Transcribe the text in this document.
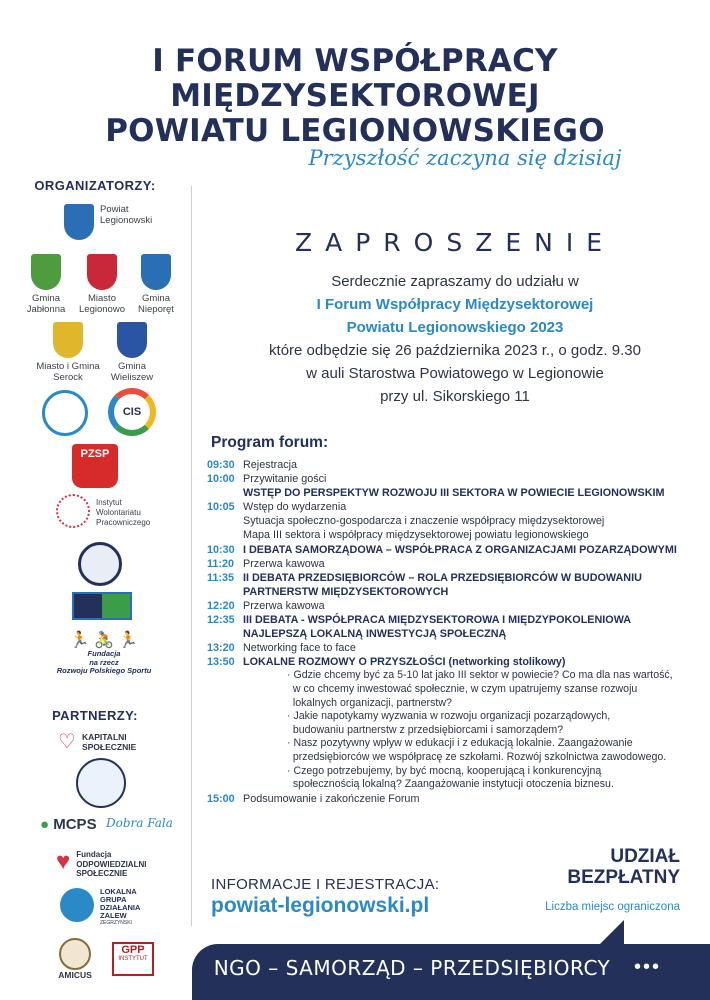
I FORUM WSPÓŁPRACY
MIĘDZYSEKTOROWEJ
POWIATU LEGIONOWSKIEGO
Przyszłość zaczyna się dzisiaj
ORGANIZATORZY:
Powiat
Legionowski
Gmina
Jabłonna
Miasto
Legionowo
Gmina
Nieporęt
Miasto i Gmina
Serock
Gmina
Wieliszew
CIS
PZSP
Instytut
Wolontariatu
Pracowniczego
🏃 🚴 🏃
Fundacja
na rzecz
Rozwoju Polskiego Sportu
PARTNERZY:
♡ KAPITALNI
SPOŁECZNIE
● MCPS Dobra Fala
♥ Fundacja
ODPOWIEDZIALNI
SPOŁECZNIE
LOKALNA
GRUPA
DZIAŁANIA
ZALEW
ZEGRZYŃSKI
AMICUS
GPP
INSTYTUT
ZAPROSZENIE
Serdecznie zapraszamy do udziału w
I Forum Współpracy Międzysektorowej
Powiatu Legionowskiego 2023
które odbędzie się 26 października 2023 r., o godz. 9.30
w auli Starostwa Powiatowego w Legionowie
przy ul. Sikorskiego 11
Program forum:
09:30 Rejestracja
10:00 Przywitanie gości
WSTĘP DO PERSPEKTYW ROZWOJU III SEKTORA W POWIECIE LEGIONOWSKIM
10:05 Wstęp do wydarzenia
Sytuacja społeczno-gospodarcza i znaczenie współpracy międzysektorowej
Mapa III sektora i współpracy międzysektorowej powiatu legionowskiego
10:30 I DEBATA SAMORZĄDOWA – WSPÓŁPRACA Z ORGANIZACJAMI POZARZĄDOWYMI
11:20 Przerwa kawowa
11:35 II DEBATA PRZEDSIĘBIORCÓW – ROLA PRZEDSIĘBIORCÓW W BUDOWANIU
PARTNERSTW MIĘDZYSEKTOROWYCH
12:20 Przerwa kawowa
12:35 III DEBATA - WSPÓŁPRACA MIĘDZYSEKTOROWA I MIĘDZYPOKOLENIOWA
NAJLEPSZĄ LOKALNĄ INWESTYCJĄ SPOŁECZNĄ
13:20 Networking face to face
13:50 LOKALNE ROZMOWY O PRZYSZŁOŚCI (networking stolikowy)
· Gdzie chcemy być za 5-10 lat jako III sektor w powiecie? Co ma dla nas wartość,
w co chcemy inwestować społecznie, w czym upatrujemy szanse rozwoju
lokalnych organizacji, partnerstw?
· Jakie napotykamy wyzwania w rozwoju organizacji pozarządowych,
budowaniu partnerstw z przedsiębiorcami i samorządem?
· Nasz pozytywny wpływ w edukacji i z edukacją lokalnie. Zaangażowanie
przedsiębiorców we współpracę ze szkołami. Rozwój szkolnictwa zawodowego.
· Czego potrzebujemy, by być mocną, kooperującą i konkurencyjną
społecznością lokalną? Zaangażowanie instytucji otoczenia biznesu.
15:00 Podsumowanie i zakończenie Forum
UDZIAŁ
BEZPŁATNY
Liczba miejsc ograniczona
INFORMACJE I REJESTRACJA:
powiat-legionowski.pl
NGO – SAMORZĄD – PRZEDSIĘBIORCY	•••
